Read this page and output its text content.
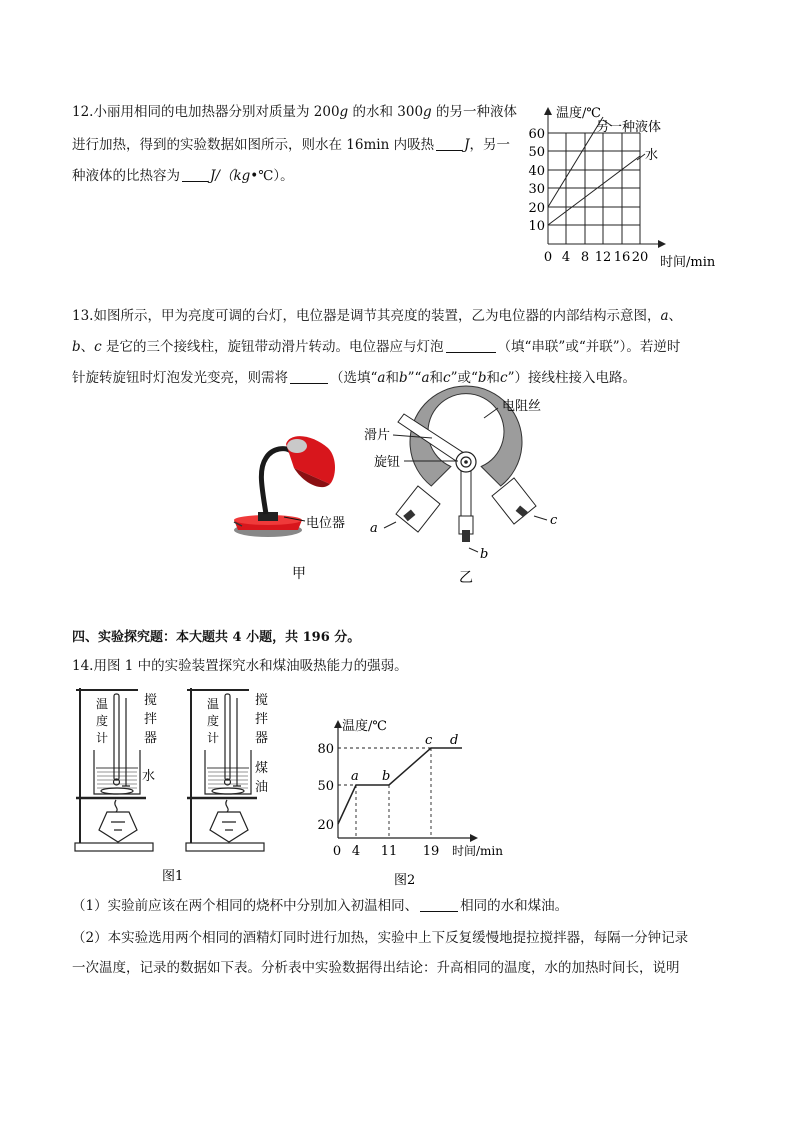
12.小丽用相同的电加热器分别对质量为 200g 的水和 300g 的另一种液体
进行加热，得到的实验数据如图所示，则水在 16min 内吸热 J，另一
种液体的比热容为 J/（kg•℃）。
温度/℃
另一种液体
水
60
50
40
30
20
10
0 4 8 12 16 20 时间/min
13.如图所示，甲为亮度可调的台灯，电位器是调节其亮度的装置，乙为电位器的内部结构示意图，a、
b、c 是它的三个接线柱，旋钮带动滑片转动。电位器应与灯泡	（填“串联”或“并联”）。若逆时
针旋转旋钮时灯泡发光变亮，则需将	（选填“a和b”“a和c”或“b和c”）接线柱接入电路。
电位器
甲
电阻丝
滑片
旋钮
a
b
c
乙
四、实验探究题：本大题共 4 小题，共 196 分。
14.用图 1 中的实验装置探究水和煤油吸热能力的强弱。
温
度
计
搅
拌
器
水
温
度
计
搅
拌
器
煤
油
图1
温度/℃
80
50
20
0 4 11 19 时间/min
a b
c d
图2
（1）实验前应该在两个相同的烧杯中分别加入初温相同、	相同的水和煤油。
（2）本实验选用两个相同的酒精灯同时进行加热，实验中上下反复缓慢地提拉搅拌器，每隔一分钟记录
一次温度，记录的数据如下表。分析表中实验数据得出结论：升高相同的温度，水的加热时间长，说明
